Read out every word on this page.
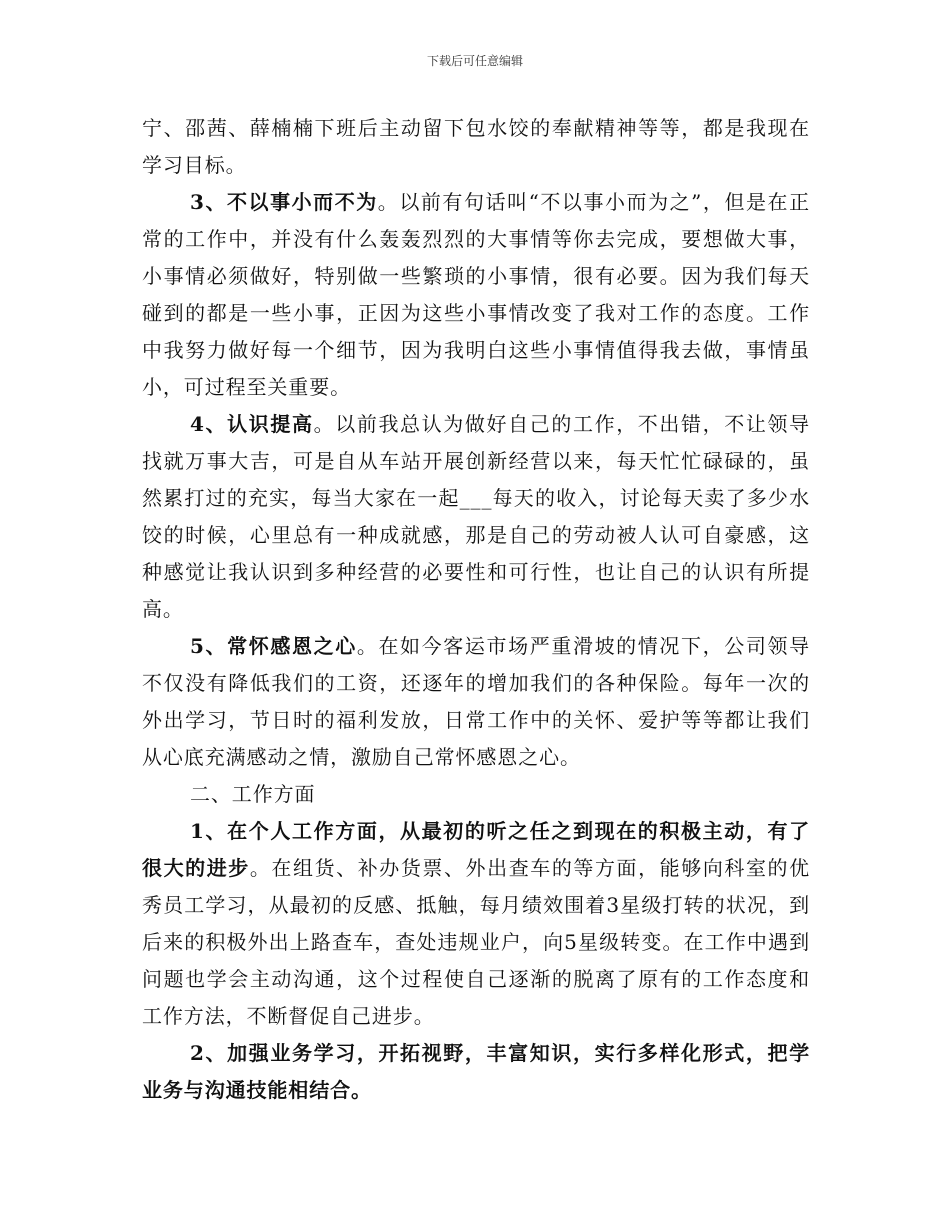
下载后可任意编辑

宁、邵茜、薛楠楠下班后主动留下包水饺的奉献精神等等，都是我现在学习目标。

3、不以事小而不为。以前有句话叫“不以事小而为之”，但是在正常的工作中，并没有什么轰轰烈烈的大事情等你去完成，要想做大事，小事情必须做好，特别做一些繁琐的小事情，很有必要。因为我们每天碰到的都是一些小事，正因为这些小事情改变了我对工作的态度。工作中我努力做好每一个细节，因为我明白这些小事情值得我去做，事情虽小，可过程至关重要。

4、认识提高。以前我总认为做好自己的工作，不出错，不让领导找就万事大吉，可是自从车站开展创新经营以来，每天忙忙碌碌的，虽然累打过的充实，每当大家在一起___每天的收入，讨论每天卖了多少水饺的时候，心里总有一种成就感，那是自己的劳动被人认可自豪感，这种感觉让我认识到多种经营的必要性和可行性，也让自己的认识有所提高。

5、常怀感恩之心。在如今客运市场严重滑坡的情况下，公司领导不仅没有降低我们的工资，还逐年的增加我们的各种保险。每年一次的外出学习，节日时的福利发放，日常工作中的关怀、爱护等等都让我们从心底充满感动之情，激励自己常怀感恩之心。

二、工作方面

1、在个人工作方面，从最初的听之任之到现在的积极主动，有了很大的进步。在组货、补办货票、外出查车的等方面，能够向科室的优秀员工学习，从最初的反感、抵触，每月绩效围着3星级打转的状况，到后来的积极外出上路查车，查处违规业户，向5星级转变。在工作中遇到问题也学会主动沟通，这个过程使自己逐渐的脱离了原有的工作态度和工作方法，不断督促自己进步。

2、加强业务学习，开拓视野，丰富知识，实行多样化形式，把学业务与沟通技能相结合。
